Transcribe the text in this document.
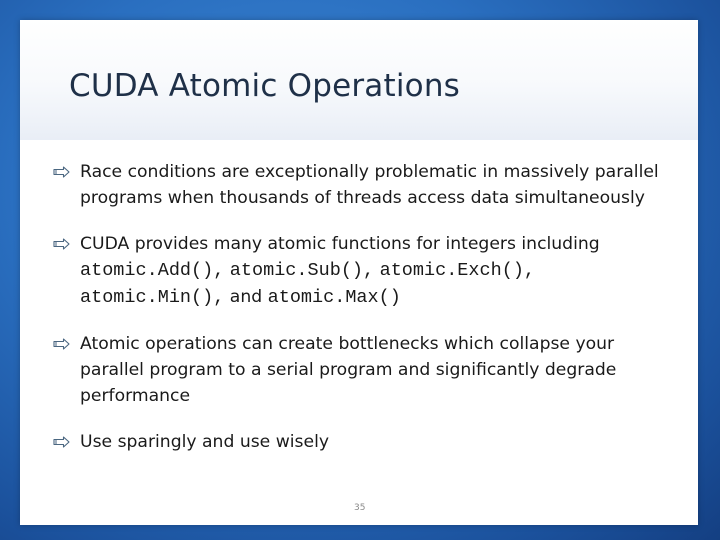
CUDA Atomic Operations
Race conditions are exceptionally problematic in massively parallel programs when thousands of threads access data simultaneously
CUDA provides many atomic functions for integers including atomic.Add(), atomic.Sub(), atomic.Exch(), atomic.Min(), and atomic.Max()
Atomic operations can create bottlenecks which collapse your parallel program to a serial program and significantly degrade performance
Use sparingly and use wisely
35
